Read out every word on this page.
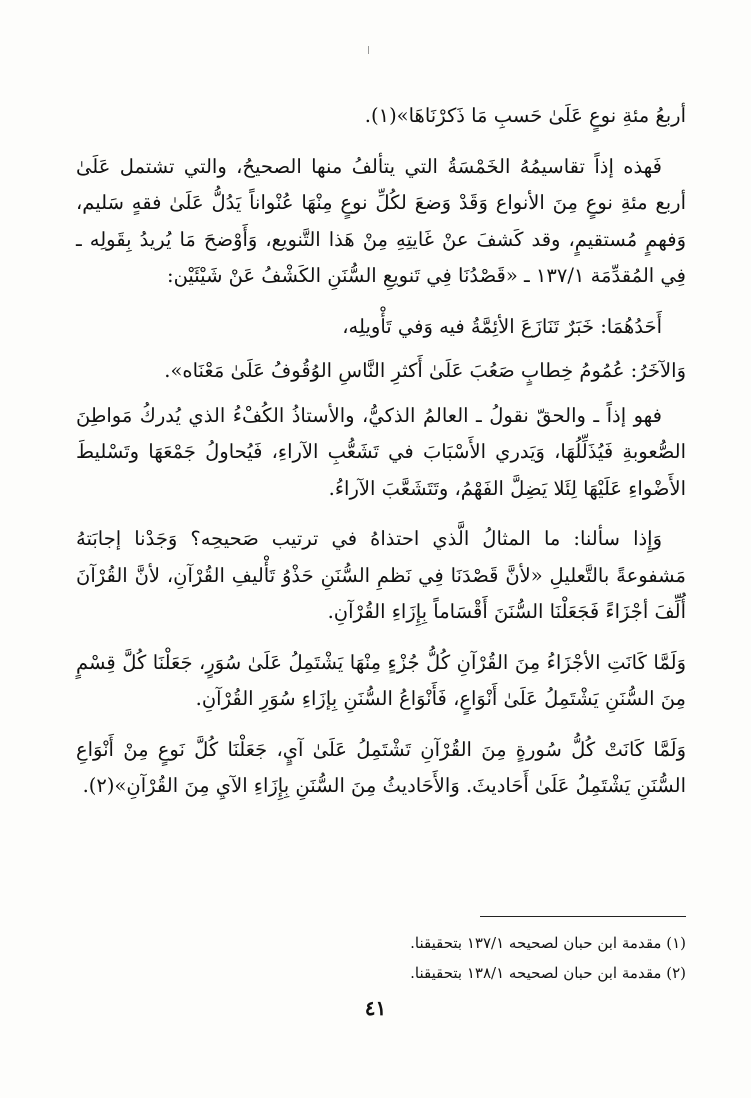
أربعُ مئةِ نوعٍ عَلَىٰ حَسبِ مَا ذَكرْنَاهَا»(١).

فَهذه إذاً تقاسيمُهُ الخَمْسَةُ التي يتألفُ منها الصحيحُ، والتي تشتمل عَلَىٰ أربع مئةِ نوعٍ مِنَ الأنواع وَقَدْ وَضعَ لكُلِّ نوعٍ مِنْهَا عُنْواناً يَدُلُّ عَلَىٰ فقهٍ سَليم، وَفهمٍ مُستقيمٍ، وقد كَشفَ عنْ غَايتِهِ مِنْ هَذا التَّنويع، وَأَوْضحَ مَا يُريدُ بِقَولِه ـ فِي المُقدِّمَة ١٣٧/١ ـ «قَصْدُنَا فِي تَنويعِ السُّنَنِ الكَشْفُ عَنْ شَيْئَيْن:

أَحَدُهُمَا: خَبَرٌ تَنَازَعَ الأئِمَّةُ فيه وَفي تَأْويلِه،

وَالآخَرُ: عُمُومُ خِطابٍ صَعُبَ عَلَىٰ أَكثرِ النَّاسِ الوُقُوفُ عَلَىٰ مَعْنَاه».

فهو إذاً ـ والحقّ نقولُ ـ العالمُ الذكيُّ، والأستاذُ الكُفْءُ الذي يُدركُ مَواطِنَ الصُّعوبةِ فَيُذَلِّلُهَا، وَيَدري الأَسْبَابَ في تَشَعُّبِ الآراءِ، فَيُحاولُ جَمْعَهَا وتَسْليطَ الأَضْواءِ عَلَيْهَا لِئَلا يَضِلَّ الفَهْمُ، وتَتَشَعَّبَ الآراءُ.

وَإِذا سألنا: ما المثالُ الَّذي احتذاهُ في ترتيب صَحيحِه؟ وَجَدْنا إجابَتهُ مَشفوعةً بالتَّعليلِ «لأنَّ قَصْدَنَا فِي نَظمِ السُّنَنِ حَذْوُ تَأْليفِ القُرْآنِ، لأنَّ القُرْآنَ أُلِّفَ أجْزَاءً فَجَعَلْنَا السُّنَنَ أَقْسَاماً بِإِزَاءِ القُرْآنِ.

وَلَمَّا كَانَتِ الأجْزَاءُ مِنَ القُرْآنِ كُلُّ جُزْءٍ مِنْهَا يَشْتَمِلُ عَلَىٰ سُوَرٍ، جَعَلْنَا كُلَّ قِسْمٍ مِنَ السُّنَنِ يَشْتَمِلُ عَلَىٰ أَنْوَاعٍ، فَأَنْوَاعُ السُّنَنِ بِإزَاءِ سُوَرِ القُرْآنِ.

وَلَمَّا كَانَتْ كُلُّ سُورةٍ مِنَ القُرْآنِ تَشْتَمِلُ عَلَىٰ آيٍ، جَعَلْنَا كُلَّ نَوعٍ مِنْ أَنْوَاعِ السُّنَنِ يَشْتَمِلُ عَلَىٰ أَحَاديثَ. وَالأَحَاديثُ مِنَ السُّنَنِ بِإِزَاءِ الآيِ مِنَ القُرْآنِ»(٢).

(١) مقدمة ابن حبان لصحيحه ١٣٧/١ بتحقيقنا.

(٢) مقدمة ابن حبان لصحيحه ١٣٨/١ بتحقيقنا.

٤١
